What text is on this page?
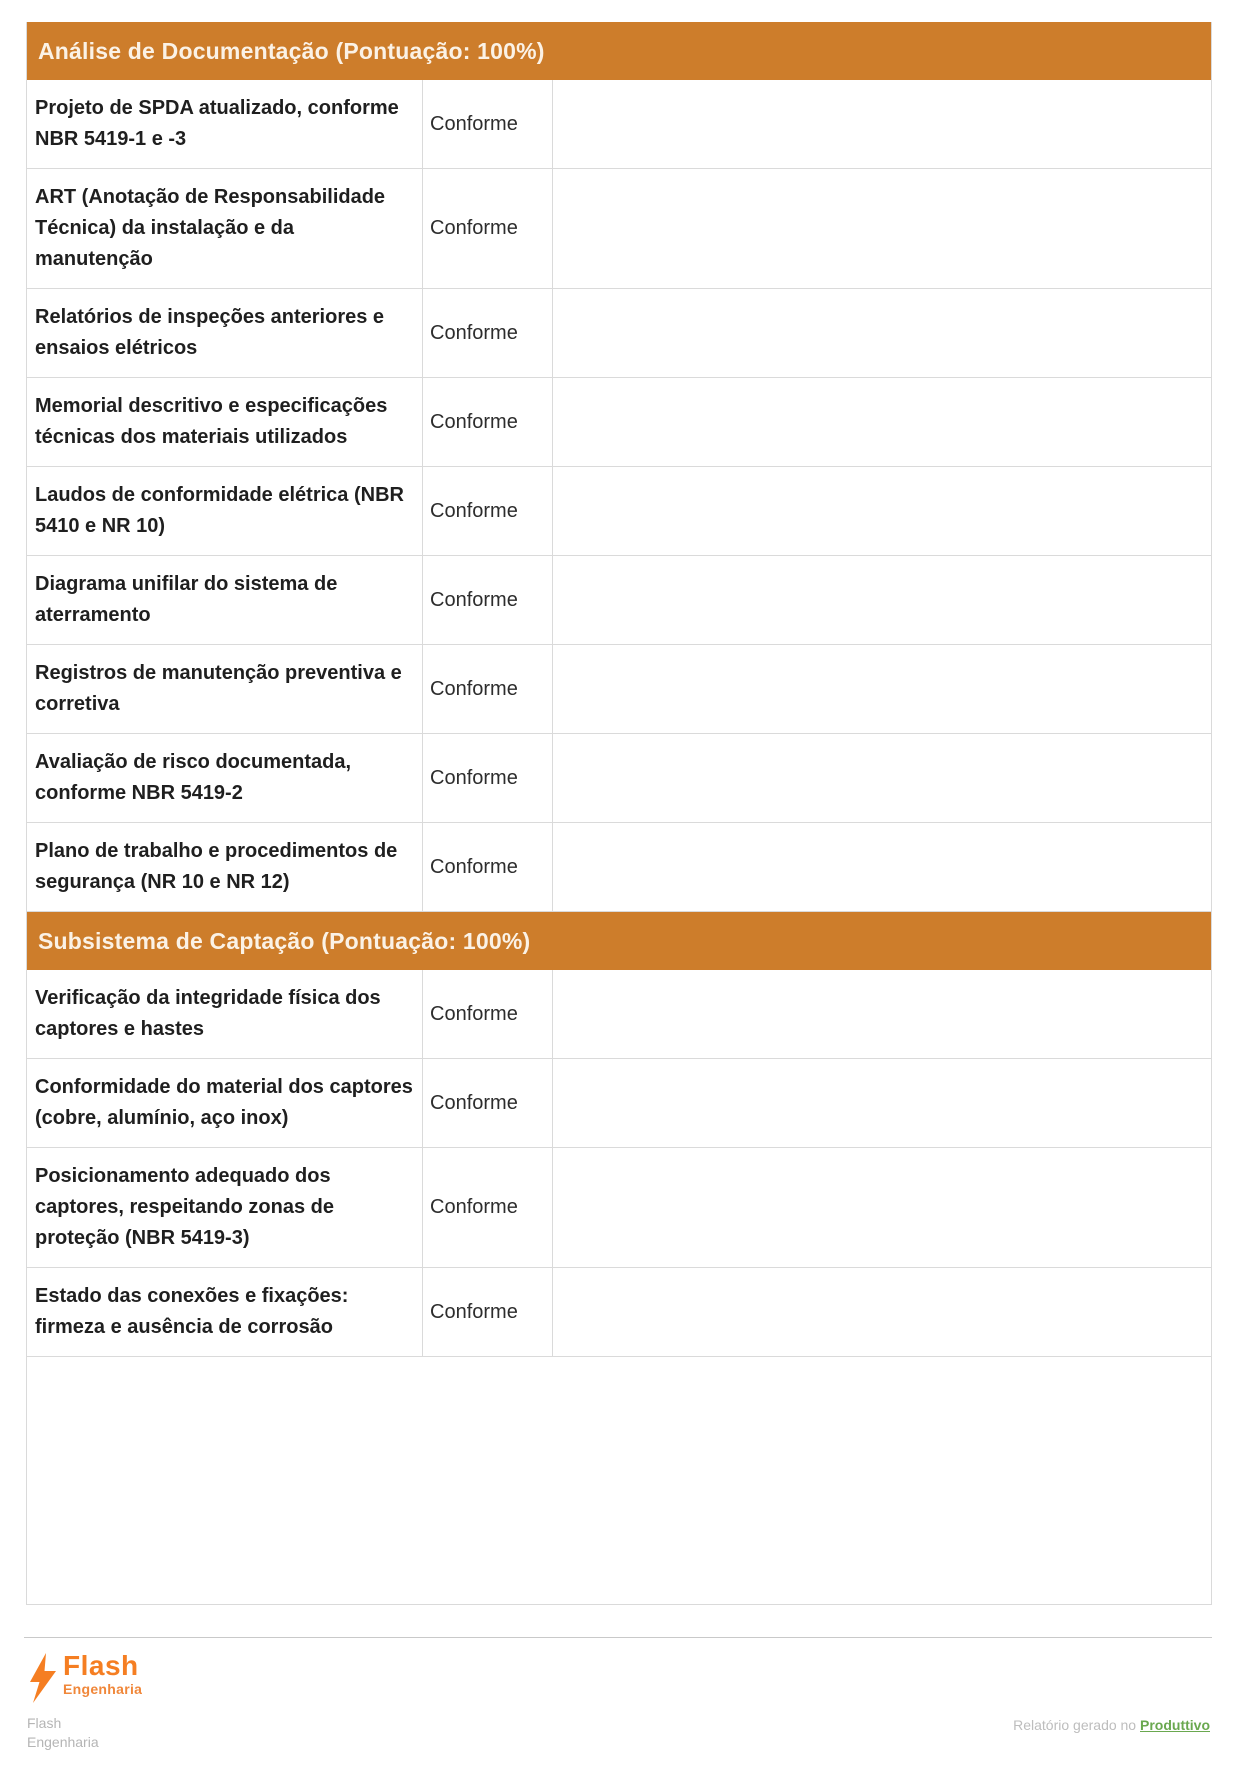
Análise de Documentação (Pontuação: 100%)
Projeto de SPDA atualizado, conforme NBR 5419-1 e -3
Conforme
ART (Anotação de Responsabilidade Técnica) da instalação e da manutenção
Conforme
Relatórios de inspeções anteriores e ensaios elétricos
Conforme
Memorial descritivo e especificações técnicas dos materiais utilizados
Conforme
Laudos de conformidade elétrica (NBR 5410 e NR 10)
Conforme
Diagrama unifilar do sistema de aterramento
Conforme
Registros de manutenção preventiva e corretiva
Conforme
Avaliação de risco documentada, conforme NBR 5419-2
Conforme
Plano de trabalho e procedimentos de segurança (NR 10 e NR 12)
Conforme
Subsistema de Captação (Pontuação: 100%)
Verificação da integridade física dos captores e hastes
Conforme
Conformidade do material dos captores (cobre, alumínio, aço inox)
Conforme
Posicionamento adequado dos captores, respeitando zonas de proteção (NBR 5419-3)
Conforme
Estado das conexões e fixações: firmeza e ausência de corrosão
Conforme
Flash
Engenharia
Flash
Engenharia
Relatório gerado no Produttivo
